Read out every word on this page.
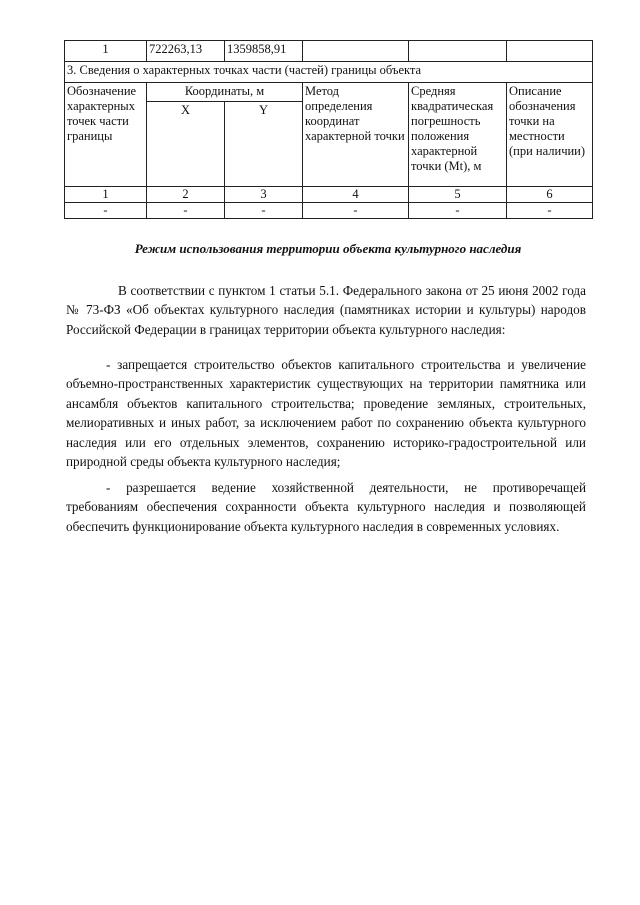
1	722263,13	1359858,91			
3. Сведения о характерных точках части (частей) границы объекта					
Обозначение характерных точек части границы	Координаты, м		Метод определения координат характерной точки	Средняя квадратическая погрешность положения характерной точки (Mt), м	Описание обозначения точки на местности (при наличии)
	X	Y			
1	2	3	4	5	6
-	-	-	-	-	-
Режим использования территории объекта культурного наследия

В соответствии с пунктом 1 статьи 5.1. Федерального закона от 25 июня 2002 года № 73-ФЗ «Об объектах культурного наследия (памятниках истории и культуры) народов Российской Федерации в границах территории объекта культурного наследия:

- запрещается строительство объектов капитального строительства и увеличение объемно-пространственных характеристик существующих на территории памятника или ансамбля объектов капитального строительства; проведение земляных, строительных, мелиоративных и иных работ, за исключением работ по сохранению объекта культурного наследия или его отдельных элементов, сохранению историко-градостроительной или природной среды объекта культурного наследия;

- разрешается ведение хозяйственной деятельности, не противоречащей требованиям обеспечения сохранности объекта культурного наследия и позволяющей обеспечить функционирование объекта культурного наследия в современных условиях.
